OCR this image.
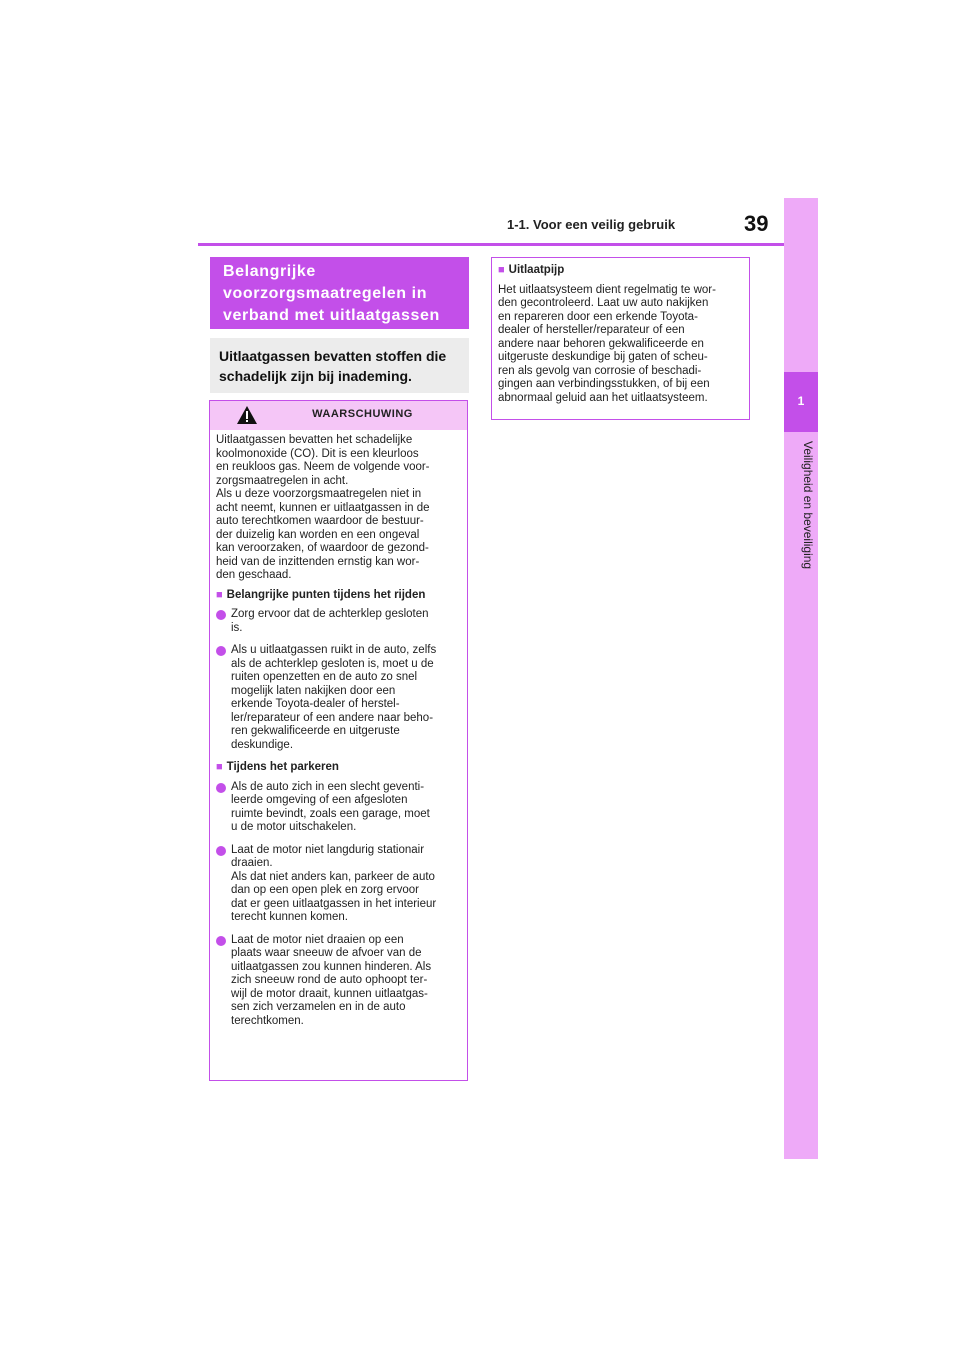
1-1. Voor een veilig gebruik	39
1
Veiligheid en beveiliging
Belangrijke voorzorgsmaatregelen in verband met uitlaatgassen
Uitlaatgassen bevatten stoffen die schadelijk zijn bij inademing.
WAARSCHUWING
Uitlaatgassen bevatten het schadelijke
koolmonoxide (CO). Dit is een kleurloos
en reukloos gas. Neem de volgende voor-
zorgsmaatregelen in acht.
Als u deze voorzorgsmaatregelen niet in
acht neemt, kunnen er uitlaatgassen in de
auto terechtkomen waardoor de bestuur-
der duizelig kan worden en een ongeval
kan veroorzaken, of waardoor de gezond-
heid van de inzittenden ernstig kan wor-
den geschaad.
■ Belangrijke punten tijdens het rijden
Zorg ervoor dat de achterklep gesloten
is.
Als u uitlaatgassen ruikt in de auto, zelfs
als de achterklep gesloten is, moet u de
ruiten openzetten en de auto zo snel
mogelijk laten nakijken door een
erkende Toyota-dealer of herstel-
ler/reparateur of een andere naar beho-
ren gekwalificeerde en uitgeruste
deskundige.
■ Tijdens het parkeren
Als de auto zich in een slecht geventi-
leerde omgeving of een afgesloten
ruimte bevindt, zoals een garage, moet
u de motor uitschakelen.
Laat de motor niet langdurig stationair
draaien.
Als dat niet anders kan, parkeer de auto
dan op een open plek en zorg ervoor
dat er geen uitlaatgassen in het interieur
terecht kunnen komen.
Laat de motor niet draaien op een
plaats waar sneeuw de afvoer van de
uitlaatgassen zou kunnen hinderen. Als
zich sneeuw rond de auto ophoopt ter-
wijl de motor draait, kunnen uitlaatgas-
sen zich verzamelen en in de auto
terechtkomen.
■ Uitlaatpijp
Het uitlaatsysteem dient regelmatig te wor-
den gecontroleerd. Laat uw auto nakijken
en repareren door een erkende Toyota-
dealer of hersteller/reparateur of een
andere naar behoren gekwalificeerde en
uitgeruste deskundige bij gaten of scheu-
ren als gevolg van corrosie of beschadi-
gingen aan verbindingsstukken, of bij een
abnormaal geluid aan het uitlaatsysteem.
